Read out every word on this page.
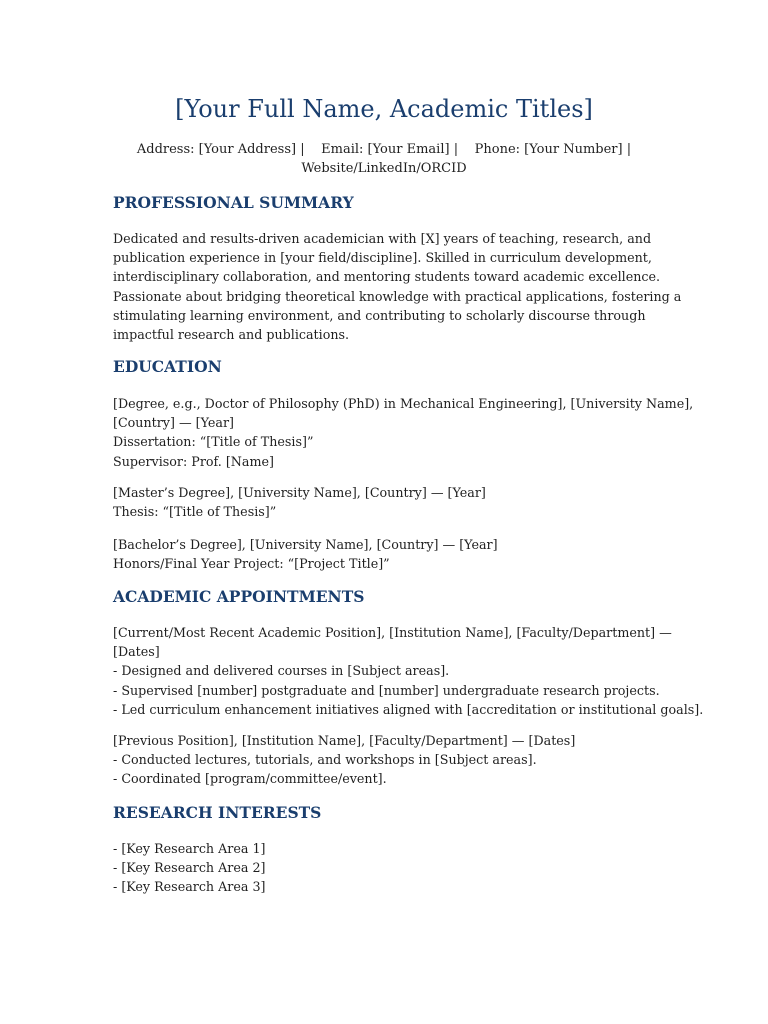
[Your Full Name, Academic Titles]

Address: [Your Address] | Email: [Your Email] | Phone: [Your Number] |
Website/LinkedIn/ORCID

PROFESSIONAL SUMMARY
Dedicated and results-driven academician with [X] years of teaching, research, and
publication experience in [your field/discipline]. Skilled in curriculum development,
interdisciplinary collaboration, and mentoring students toward academic excellence.
Passionate about bridging theoretical knowledge with practical applications, fostering a
stimulating learning environment, and contributing to scholarly discourse through
impactful research and publications.
EDUCATION
[Degree, e.g., Doctor of Philosophy (PhD) in Mechanical Engineering], [University Name],
[Country] — [Year]
Dissertation: “[Title of Thesis]”
Supervisor: Prof. [Name]
[Master’s Degree], [University Name], [Country] — [Year]
Thesis: “[Title of Thesis]”
[Bachelor’s Degree], [University Name], [Country] — [Year]
Honors/Final Year Project: “[Project Title]”
ACADEMIC APPOINTMENTS
[Current/Most Recent Academic Position], [Institution Name], [Faculty/Department] —
[Dates]
- Designed and delivered courses in [Subject areas].
- Supervised [number] postgraduate and [number] undergraduate research projects.
- Led curriculum enhancement initiatives aligned with [accreditation or institutional goals].
[Previous Position], [Institution Name], [Faculty/Department] — [Dates]
- Conducted lectures, tutorials, and workshops in [Subject areas].
- Coordinated [program/committee/event].
RESEARCH INTERESTS
- [Key Research Area 1]
- [Key Research Area 2]
- [Key Research Area 3]
